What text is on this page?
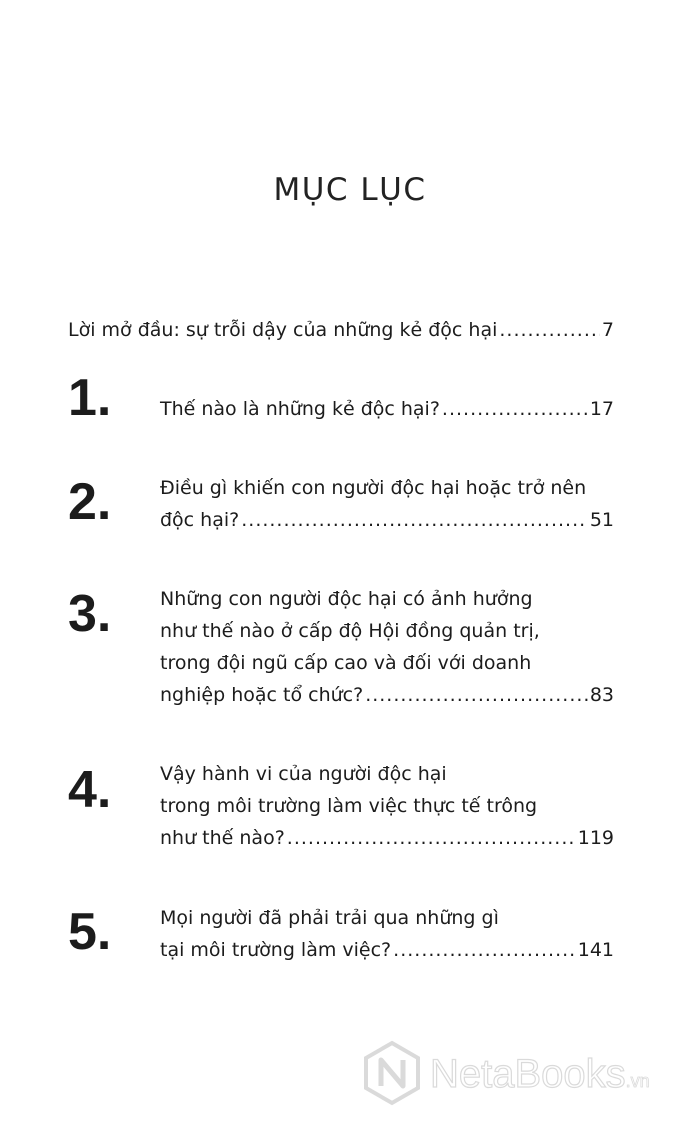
MỤC LỤC
Lời mở đầu: sự trỗi dậy của những kẻ độc hại .....	7
1.	Thế nào là những kẻ độc hại? .....	17
2.	Điều gì khiến con người độc hại hoặc trở nên
độc hại? .....	51
3.	Những con người độc hại có ảnh hưởng
như thế nào ở cấp độ Hội đồng quản trị,
trong đội ngũ cấp cao và đối với doanh
nghiệp hoặc tổ chức? .....	83
4.	Vậy hành vi của người độc hại
trong môi trường làm việc thực tế trông
như thế nào? .....	119
5.	Mọi người đã phải trải qua những gì
tại môi trường làm việc? .....	141
NetaBooks.vn
